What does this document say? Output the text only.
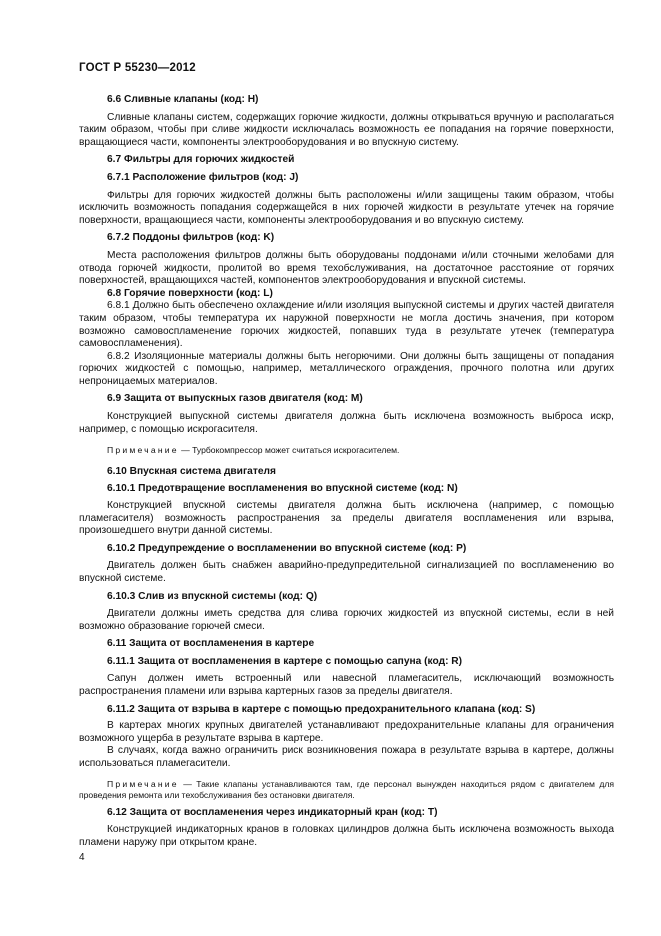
ГОСТ Р 55230—2012

6.6 Сливные клапаны (код: Н)

Сливные клапаны систем, содержащих горючие жидкости, должны открываться вручную и располагаться таким образом, чтобы при сливе жидкости исключалась возможность ее попадания на горячие поверхности, вращающиеся части, компоненты электрооборудования и во впускную систему.

6.7 Фильтры для горючих жидкостей

6.7.1 Расположение фильтров (код: J)

Фильтры для горючих жидкостей должны быть расположены и/или защищены таким образом, чтобы исключить возможность попадания содержащейся в них горючей жидкости в результате утечек на горячие поверхности, вращающиеся части, компоненты электрооборудования и во впускную систему.

6.7.2 Поддоны фильтров (код: K)

Места расположения фильтров должны быть оборудованы поддонами и/или сточными желобами для отвода горючей жидкости, пролитой во время техобслуживания, на достаточное расстояние от горячих поверхностей, вращающихся частей, компонентов электрооборудования и впускной системы.

6.8 Горячие поверхности (код: L)

6.8.1 Должно быть обеспечено охлаждение и/или изоляция выпускной системы и других частей двигателя таким образом, чтобы температура их наружной поверхности не могла достичь значения, при котором возможно самовоспламенение горючих жидкостей, попавших туда в результате утечек (температура самовоспламенения).

6.8.2 Изоляционные материалы должны быть негорючими. Они должны быть защищены от попадания горючих жидкостей с помощью, например, металлического ограждения, прочного полотна или других непроницаемых материалов.

6.9 Защита от выпускных газов двигателя (код: M)

Конструкцией выпускной системы двигателя должна быть исключена возможность выброса искр, например, с помощью искрогасителя.

Примечание — Турбокомпрессор может считаться искрогасителем.

6.10 Впускная система двигателя

6.10.1 Предотвращение воспламенения во впускной системе (код: N)

Конструкцией впускной системы двигателя должна быть исключена (например, с помощью пламегасителя) возможность распространения за пределы двигателя воспламенения или взрыва, произошедшего внутри данной системы.

6.10.2 Предупреждение о воспламенении во впускной системе (код: P)

Двигатель должен быть снабжен аварийно-предупредительной сигнализацией по воспламенению во впускной системе.

6.10.3 Слив из впускной системы (код: Q)

Двигатели должны иметь средства для слива горючих жидкостей из впускной системы, если в ней возможно образование горючей смеси.

6.11 Защита от воспламенения в картере

6.11.1 Защита от воспламенения в картере с помощью сапуна (код: R)

Сапун должен иметь встроенный или навесной пламегаситель, исключающий возможность распространения пламени или взрыва картерных газов за пределы двигателя.

6.11.2 Защита от взрыва в картере с помощью предохранительного клапана (код: S)

В картерах многих крупных двигателей устанавливают предохранительные клапаны для ограничения возможного ущерба в результате взрыва в картере.

В случаях, когда важно ограничить риск возникновения пожара в результате взрыва в картере, должны использоваться пламегасители.

Примечание — Такие клапаны устанавливаются там, где персонал вынужден находиться рядом с двигателем для проведения ремонта или техобслуживания без остановки двигателя.

6.12 Защита от воспламенения через индикаторный кран (код: T)

Конструкцией индикаторных кранов в головках цилиндров должна быть исключена возможность выхода пламени наружу при открытом кране.

4
